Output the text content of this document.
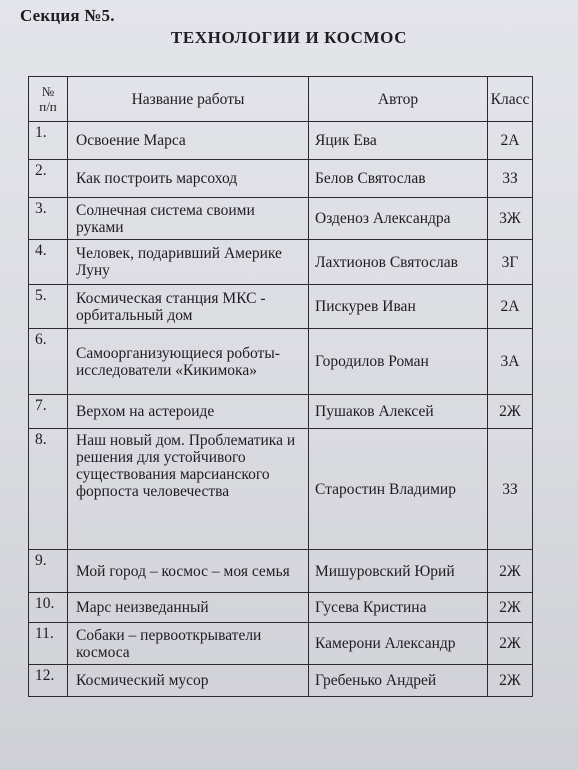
Секция №5.
ТЕХНОЛОГИИ И КОСМОС
№
п/п	Название работы	Автор	Класс
1.	Освоение Марса	Яцик Ева	2А
2.	Как построить марсоход	Белов Святослав	3З
3.	Солнечная система своими руками	Озденоз Александра	3Ж
4.	Человек, подаривший Америке Луну	Лахтионов Святослав	3Г
5.	Космическая станция МКС - орбитальный дом	Пискурев Иван	2А
6.	Самоорганизующиеся роботы-исследователи «Кикимока»	Городилов Роман	3А
7.	Верхом на астероиде	Пушаков Алексей	2Ж
8.	Наш новый дом. Проблематика и решения для устойчивого существования марсианского форпоста человечества	Старостин Владимир	3З
9.	Мой город – космос – моя семья	Мишуровский Юрий	2Ж
10.	Марс неизведанный	Гусева Кристина	2Ж
11.	Собаки – первооткрыватели космоса	Камерони Александр	2Ж
12.	Космический мусор	Гребенько Андрей	2Ж
